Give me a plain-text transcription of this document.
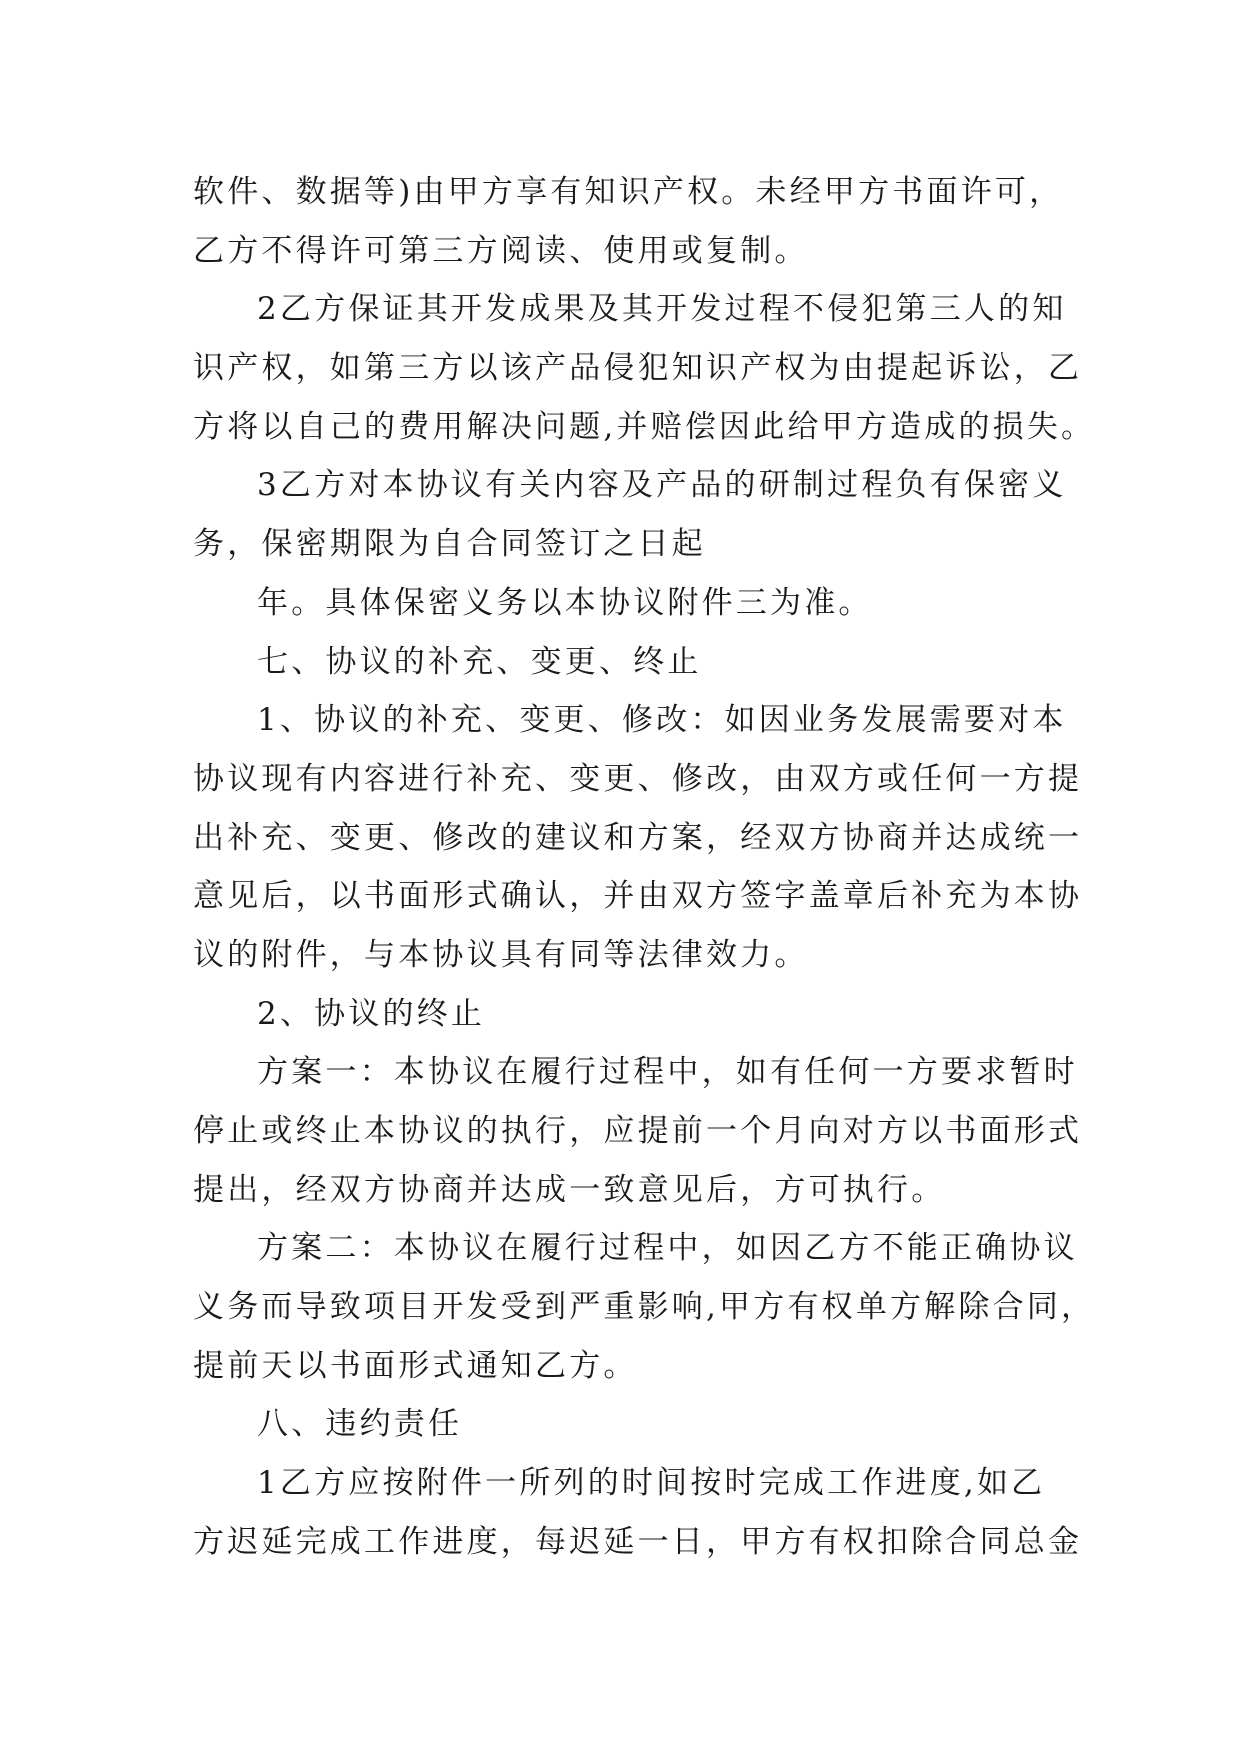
软件、数据等)由甲方享有知识产权。未经甲方书面许可，
乙方不得许可第三方阅读、使用或复制。
2乙方保证其开发成果及其开发过程不侵犯第三人的知
识产权，如第三方以该产品侵犯知识产权为由提起诉讼，乙
方将以自己的费用解决问题,并赔偿因此给甲方造成的损失。
3乙方对本协议有关内容及产品的研制过程负有保密义
务，保密期限为自合同签订之日起
年。具体保密义务以本协议附件三为准。
七、协议的补充、变更、终止
1、协议的补充、变更、修改：如因业务发展需要对本
协议现有内容进行补充、变更、修改，由双方或任何一方提
出补充、变更、修改的建议和方案，经双方协商并达成统一
意见后，以书面形式确认，并由双方签字盖章后补充为本协
议的附件，与本协议具有同等法律效力。
2、协议的终止
方案一：本协议在履行过程中，如有任何一方要求暂时
停止或终止本协议的执行，应提前一个月向对方以书面形式
提出，经双方协商并达成一致意见后，方可执行。
方案二：本协议在履行过程中，如因乙方不能正确协议
义务而导致项目开发受到严重影响,甲方有权单方解除合同，
提前天以书面形式通知乙方。
八、违约责任
1乙方应按附件一所列的时间按时完成工作进度,如乙
方迟延完成工作进度，每迟延一日，甲方有权扣除合同总金
